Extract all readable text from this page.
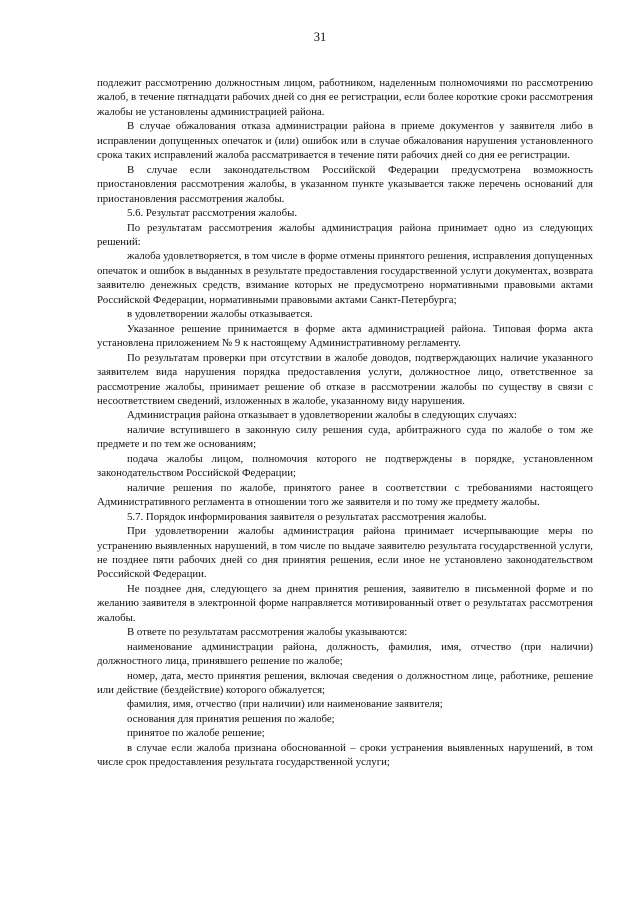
31

подлежит рассмотрению должностным лицом, работником, наделенным полномочиями по рассмотрению жалоб, в течение пятнадцати рабочих дней со дня ее регистрации, если более короткие сроки рассмотрения жалобы не установлены администрацией района.

В случае обжалования отказа администрации района в приеме документов у заявителя либо в исправлении допущенных опечаток и (или) ошибок или в случае обжалования нарушения установленного срока таких исправлений жалоба рассматривается в течение пяти рабочих дней со дня ее регистрации.

В случае если законодательством Российской Федерации предусмотрена возможность приостановления рассмотрения жалобы, в указанном пункте указывается также перечень оснований для приостановления рассмотрения жалобы.

5.6. Результат рассмотрения жалобы.

По результатам рассмотрения жалобы администрация района принимает одно из следующих решений:

жалоба удовлетворяется, в том числе в форме отмены принятого решения, исправления допущенных опечаток и ошибок в выданных в результате предоставления государственной услуги документах, возврата заявителю денежных средств, взимание которых не предусмотрено нормативными правовыми актами Российской Федерации, нормативными правовыми актами Санкт-Петербурга;

в удовлетворении жалобы отказывается.

Указанное решение принимается в форме акта администрацией района. Типовая форма акта установлена приложением № 9 к настоящему Административному регламенту.

По результатам проверки при отсутствии в жалобе доводов, подтверждающих наличие указанного заявителем вида нарушения порядка предоставления услуги, должностное лицо, ответственное за рассмотрение жалобы, принимает решение об отказе в рассмотрении жалобы по существу в связи с несоответствием сведений, изложенных в жалобе, указанному виду нарушения.

Администрация района отказывает в удовлетворении жалобы в следующих случаях:

наличие вступившего в законную силу решения суда, арбитражного суда по жалобе о том же предмете и по тем же основаниям;

подача жалобы лицом, полномочия которого не подтверждены в порядке, установленном законодательством Российской Федерации;

наличие решения по жалобе, принятого ранее в соответствии с требованиями настоящего Административного регламента в отношении того же заявителя и по тому же предмету жалобы.

5.7. Порядок информирования заявителя о результатах рассмотрения жалобы.

При удовлетворении жалобы администрация района принимает исчерпывающие меры по устранению выявленных нарушений, в том числе по выдаче заявителю результата государственной услуги, не позднее пяти рабочих дней со дня принятия решения, если иное не установлено законодательством Российской Федерации.

Не позднее дня, следующего за днем принятия решения, заявителю в письменной форме и по желанию заявителя в электронной форме направляется мотивированный ответ о результатах рассмотрения жалобы.

В ответе по результатам рассмотрения жалобы указываются:

наименование администрации района, должность, фамилия, имя, отчество (при наличии) должностного лица, принявшего решение по жалобе;

номер, дата, место принятия решения, включая сведения о должностном лице, работнике, решение или действие (бездействие) которого обжалуется;

фамилия, имя, отчество (при наличии) или наименование заявителя;

основания для принятия решения по жалобе;

принятое по жалобе решение;

в случае если жалоба признана обоснованной – сроки устранения выявленных нарушений, в том числе срок предоставления результата государственной услуги;
